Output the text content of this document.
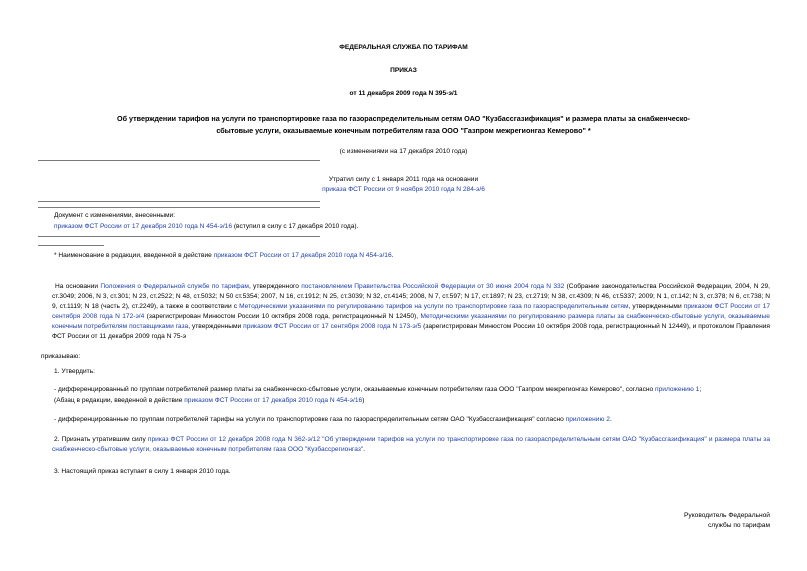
ФЕДЕРАЛЬНАЯ СЛУЖБА ПО ТАРИФАМ
ПРИКАЗ
от 11 декабря 2009 года N 395-э/1
Об утверждении тарифов на услуги по транспортировке газа по газораспределительным сетям ОАО "Кузбассгазификация" и размера платы за снабженческо-
сбытовые услуги, оказываемые конечным потребителям газа ООО "Газпром межрегионгаз Кемерово" *
(с изменениями на 17 декабря 2010 года)
Утратил силу с 1 января 2011 года на основании
приказа ФСТ России от 9 ноября 2010 года N 284-э/6
Документ с изменениями, внесенными:
приказом ФСТ России от 17 декабря 2010 года N 454-э/16 (вступил в силу с 17 декабря 2010 года).
* Наименование в редакции, введенной в действие приказом ФСТ России от 17 декабря 2010 года N 454-э/16.
На основании Положения о Федеральной службе по тарифам, утвержденного постановлением Правительства Российской Федерации от 30 июня 2004 года N 332 (Собрание законодательства Российской Федерации, 2004, N 29, ст.3049; 2006, N 3, ст.301; N 23, ст.2522; N 48, ст.5032; N 50 ст.5354; 2007, N 16, ст.1912; N 25, ст.3039; N 32, ст.4145; 2008, N 7, ст.597; N 17, ст.1897; N 23, ст.2719; N 38, ст.4309; N 46, ст.5337; 2009; N 1, ст.142; N 3, ст.378; N 6, ст.738; N 9, ст.1119; N 18 (часть 2), ст.2249), а также в соответствии с Методическими указаниями по регулированию тарифов на услуги по транспортировке газа по газораспределительным сетям, утвержденными приказом ФСТ России от 17 сентября 2008 года N 172-э/4 (зарегистрирован Минюстом России 10 октября 2008 года, регистрационный N 12450), Методическими указаниями по регулированию размера платы за снабженческо-сбытовые услуги, оказываемые конечным потребителям поставщиками газа, утвержденными приказом ФСТ России от 17 сентября 2008 года N 173-э/5 (зарегистрирован Минюстом России 10 октября 2008 года, регистрационный N 12449), и протоколом Правления ФСТ России от 11 декабря 2009 года N 75-э
приказываю:
1. Утвердить:
- дифференцированный по группам потребителей размер платы за снабженческо-сбытовые услуги, оказываемые конечным потребителям газа ООО "Газпром межрегионгаз Кемерово", согласно приложению 1;
(Абзац в редакции, введенной в действие приказом ФСТ России от 17 декабря 2010 года N 454-э/16)
- дифференцированные по группам потребителей тарифы на услуги по транспортировке газа по газораспределительным сетям ОАО "Кузбассгазификация" согласно приложению 2.
2. Признать утратившим силу приказ ФСТ России от 12 декабря 2008 года N 362-э/12 "Об утверждении тарифов на услуги по транспортировке газа по газораспределительным сетям ОАО "Кузбассгазификация" и размера платы за снабженческо-сбытовые услуги, оказываемые конечным потребителям газа ООО "Кузбассрегионгаз".
3. Настоящий приказ вступает в силу 1 января 2010 года.
Руководитель Федеральной
службы по тарифам
